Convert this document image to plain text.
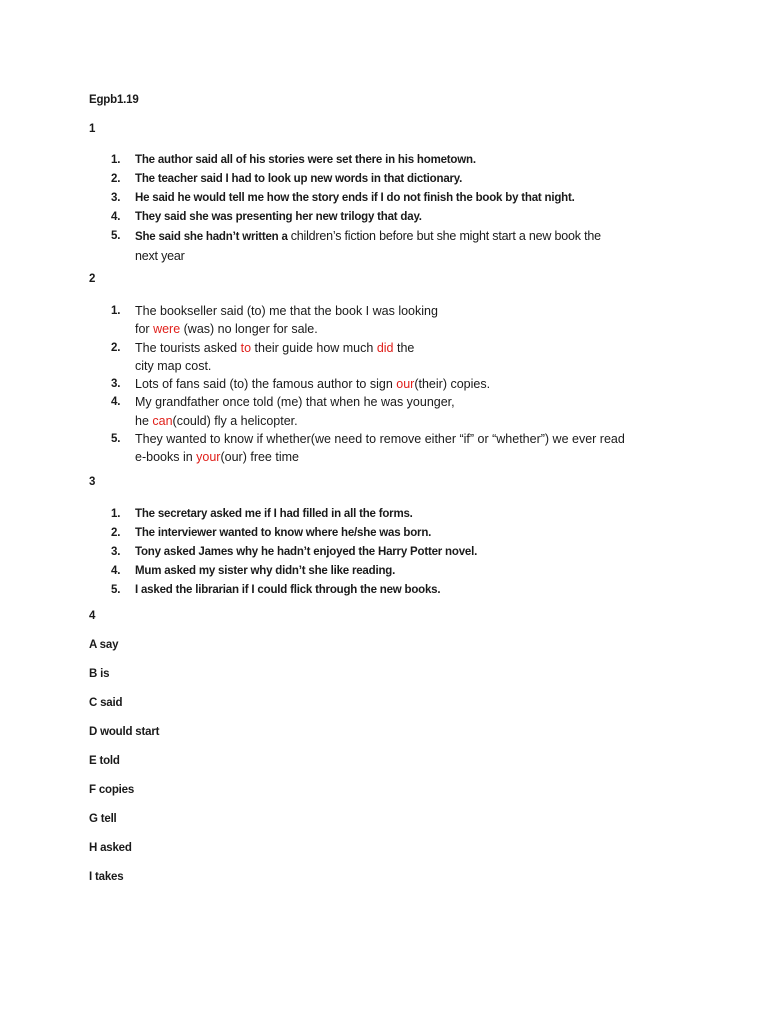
Egpb1.19
1
1. The author said all of his stories were set there in his hometown.
2. The teacher said I had to look up new words in that dictionary.
3. He said he would tell me how the story ends if I do not finish the book by that night.
4. They said she was presenting her new trilogy that day.
5. She said she hadn’t written a children’s fiction before but she might start a new book the
next year
2
1. The bookseller said (to) me that the book I was looking
for were (was) no longer for sale.
2. The tourists asked to their guide how much did the
city map cost.
3. Lots of fans said (to) the famous author to sign our(their) copies.
4. My grandfather once told (me) that when he was younger,
he can(could) fly a helicopter.
5. They wanted to know if whether(we need to remove either “if” or “whether”) we ever read
e-books in your(our) free time
3
1. The secretary asked me if I had filled in all the forms.
2. The interviewer wanted to know where he/she was born.
3. Tony asked James why he hadn’t enjoyed the Harry Potter novel.
4. Mum asked my sister why didn’t she like reading.
5. I asked the librarian if I could flick through the new books.
4
A say
B is
C said
D would start
E told
F copies
G tell
H asked
I takes
